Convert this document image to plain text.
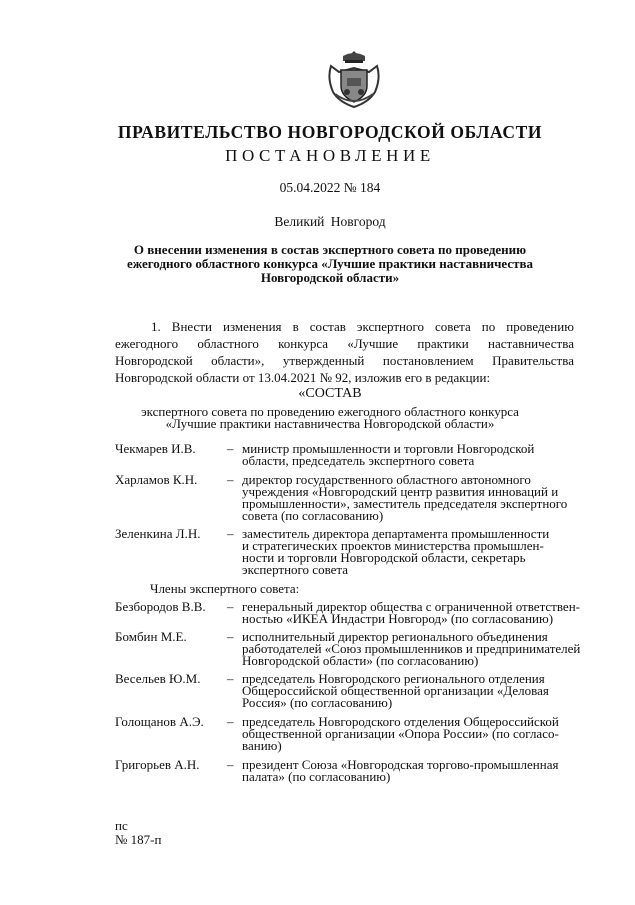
ПРАВИТЕЛЬСТВО НОВГОРОДСКОЙ ОБЛАСТИ
ПОСТАНОВЛЕНИЕ
05.04.2022 № 184
Великий Новгород
О внесении изменения в состав экспертного совета по проведению
ежегодного областного конкурса «Лучшие практики наставничества
Новгородской области»
1. Внести изменения в состав экспертного совета по проведению
ежегодного областного конкурса «Лучшие практики наставничества
Новгородской области», утвержденный постановлением Правительства
Новгородской области от 13.04.2021 № 92, изложив его в редакции:
«СОСТАВ
экспертного совета по проведению ежегодного областного конкурса
«Лучшие практики наставничества Новгородской области»
Чекмарев И.В. – министр промышленности и торговли Новгородской
области, председатель экспертного совета
Харламов К.Н. – директор государственного областного автономного
учреждения «Новгородский центр развития инноваций и
промышленности», заместитель председателя экспертного
совета (по согласованию)
Зеленкина Л.Н. – заместитель директора департамента промышленности
и стратегических проектов министерства промышлен-
ности и торговли Новгородской области, секретарь
экспертного совета
Члены экспертного совета:
Безбородов В.В. – генеральный директор общества с ограниченной ответствен-
ностью «ИКЕА Индастри Новгород» (по согласованию)
Бомбин М.Е.	– исполнительный директор регионального объединения
работодателей «Союз промышленников и предпринимателей
Новгородской области» (по согласованию)
Весельев Ю.М. – председатель Новгородского регионального отделения
Общероссийской общественной организации «Деловая
Россия» (по согласованию)
Голощанов А.Э. – председатель Новгородского отделения Общероссийской
общественной организации «Опора России» (по согласо-
ванию)
Григорьев А.Н. – президент Союза «Новгородская торгово-промышленная
палата» (по согласованию)
пс
№ 187-п
